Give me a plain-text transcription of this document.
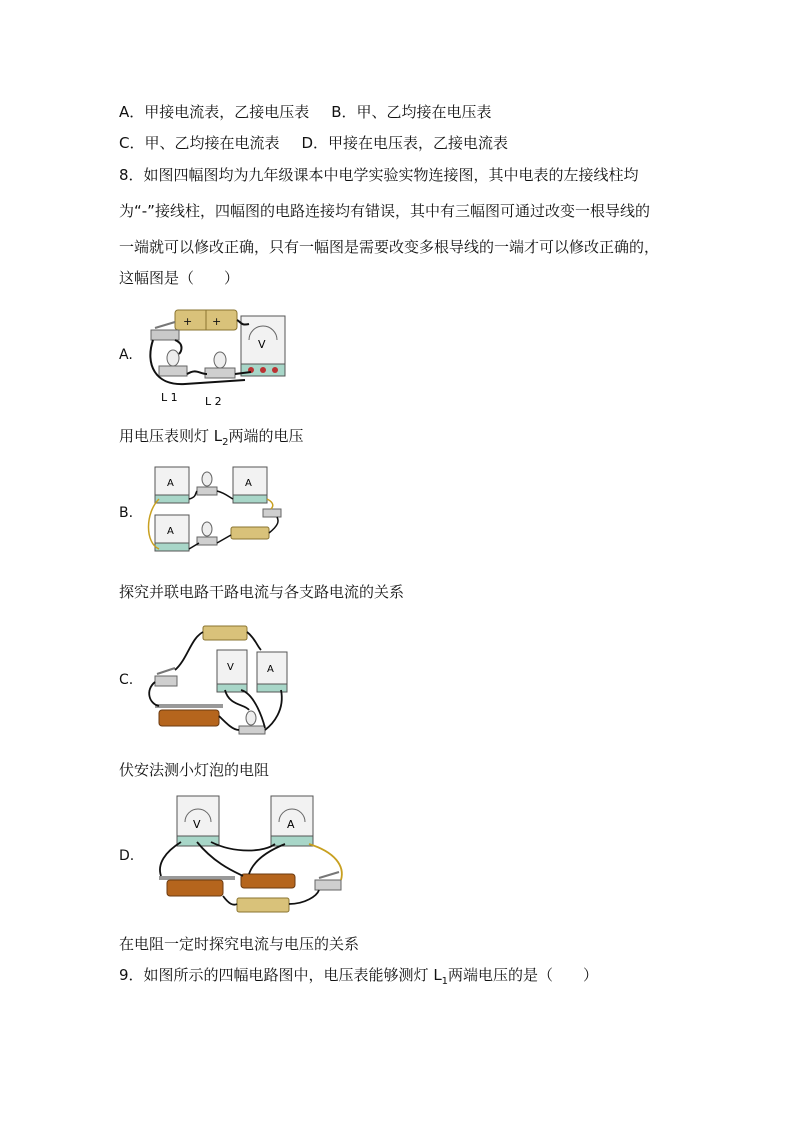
A．甲接电流表，乙接电压表 B．甲、乙均接在电压表
C．甲、乙均接在电流表 D．甲接在电压表，乙接电流表
8．如图四幅图均为九年级课本中电学实验实物连接图，其中电表的左接线柱均
为“-”接线柱，四幅图的电路连接均有错误，其中有三幅图可通过改变一根导线的
一端就可以修改正确，只有一幅图是需要改变多根导线的一端才可以修改正确的，
这幅图是（　　）
A.
+ +
V
L 1 L 2
用电压表则灯 $L_2$两端的电压
B.
A	A
A
探究并联电路干路电流与各支路电流的关系
C.
V	A
伏安法测小灯泡的电阻
D.
V	A
在电阻一定时探究电流与电压的关系
9．如图所示的四幅电路图中，电压表能够测灯 $L_1$两端电压的是（　　）
